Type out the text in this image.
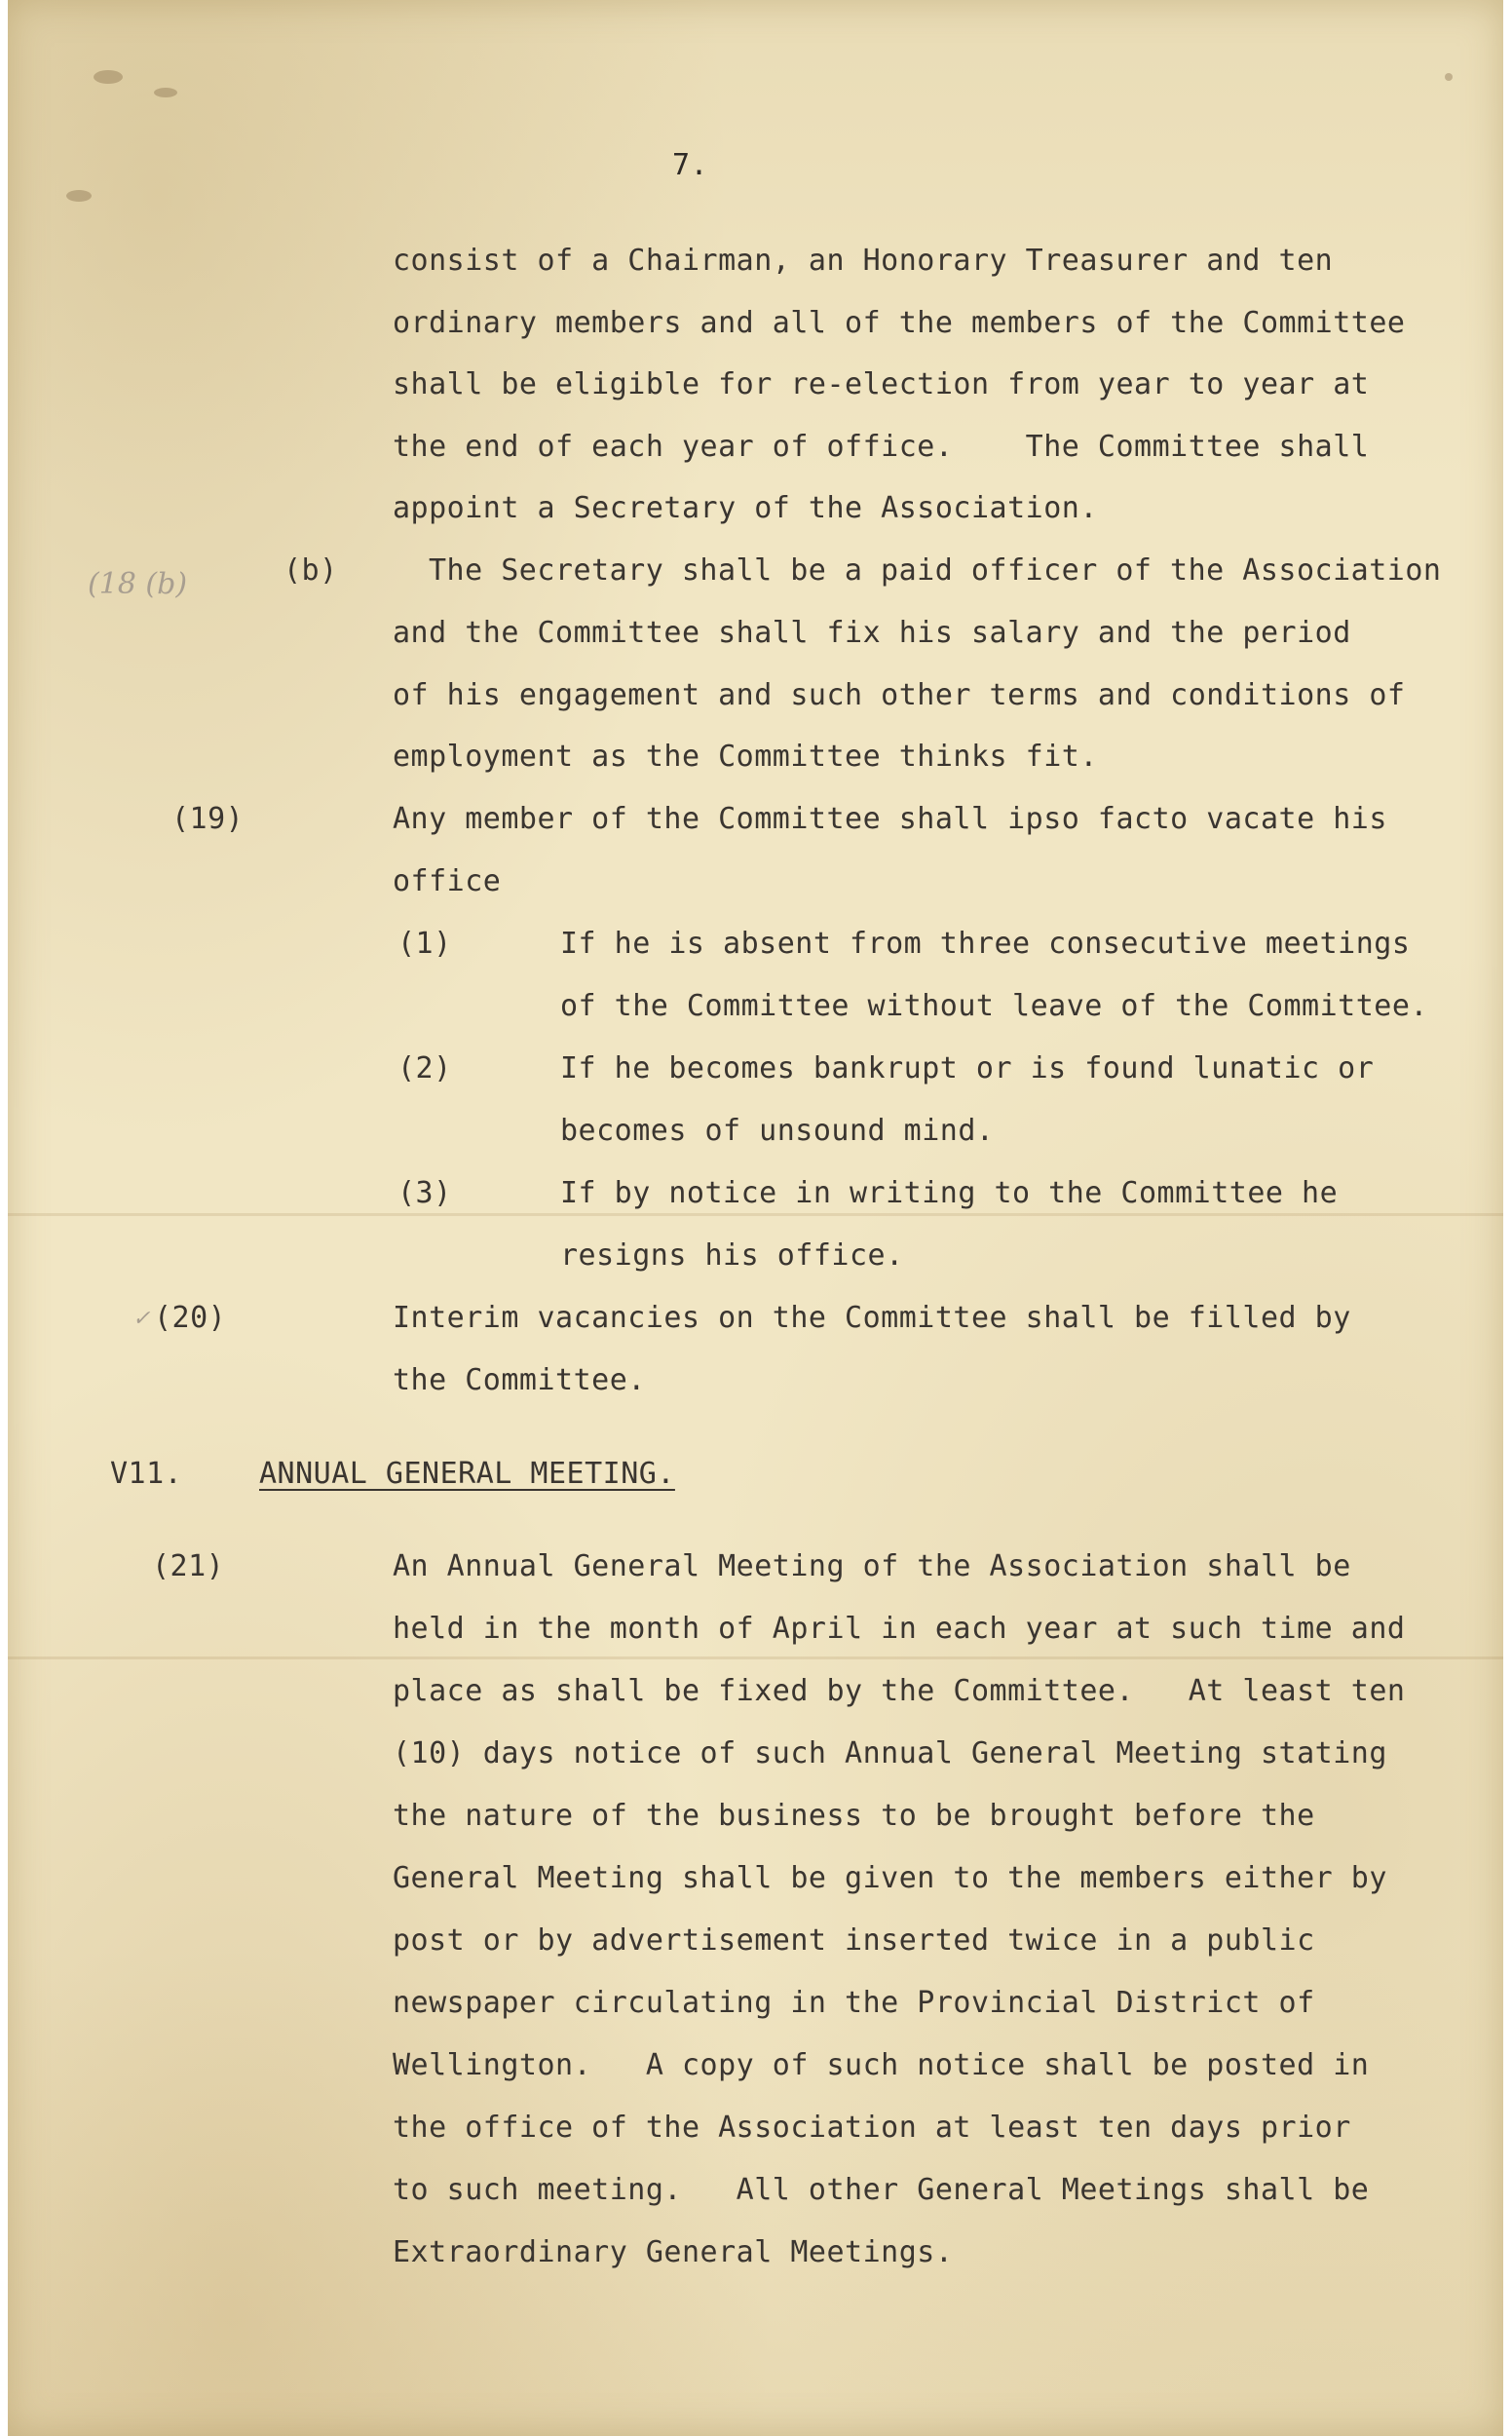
7.
consist of a Chairman, an Honorary Treasurer and ten
ordinary members and all of the members of the Committee
shall be eligible for re-election from year to year at
the end of each year of office.    The Committee shall
appoint a Secretary of the Association.
(18 (b)	(b)	The Secretary shall be a paid officer of the Association
and the Committee shall fix his salary and the period
of his engagement and such other terms and conditions of
employment as the Committee thinks fit.
(19)	Any member of the Committee shall ipso facto vacate his
office
(1)	If he is absent from three consecutive meetings
of the Committee without leave of the Committee.
(2)	If he becomes bankrupt or is found lunatic or
becomes of unsound mind.
(3)	If by notice in writing to the Committee he
resigns his office.
✓ (20)	Interim vacancies on the Committee shall be filled by
the Committee.
V11.	ANNUAL GENERAL MEETING.
(21)	An Annual General Meeting of the Association shall be
held in the month of April in each year at such time and
place as shall be fixed by the Committee.   At least ten
(10) days notice of such Annual General Meeting stating
the nature of the business to be brought before the
General Meeting shall be given to the members either by
post or by advertisement inserted twice in a public
newspaper circulating in the Provincial District of
Wellington.   A copy of such notice shall be posted in
the office of the Association at least ten days prior
to such meeting.   All other General Meetings shall be
Extraordinary General Meetings.
